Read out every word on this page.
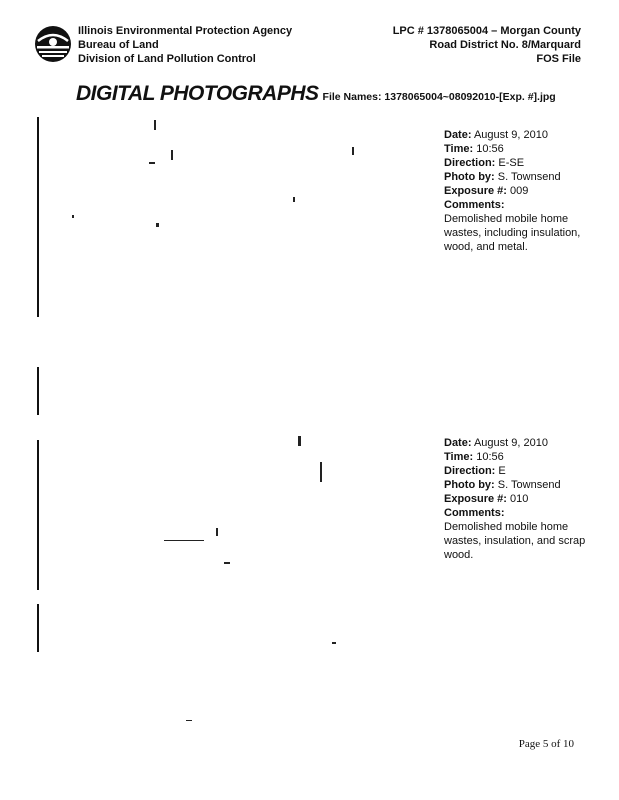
Illinois Environmental Protection Agency
Bureau of Land
Division of Land Pollution Control
LPC # 1378065004 – Morgan County
Road District No. 8/Marquard
FOS File
DIGITAL PHOTOGRAPHS File Names: 1378065004~08092010-[Exp. #].jpg
Date: August 9, 2010
Time: 10:56
Direction: E-SE
Photo by: S. Townsend
Exposure #: 009
Comments:
Demolished mobile home wastes, including insulation, wood, and metal.
Date: August 9, 2010
Time: 10:56
Direction: E
Photo by: S. Townsend
Exposure #: 010
Comments:
Demolished mobile home wastes, insulation, and scrap wood.
Page 5 of 10
